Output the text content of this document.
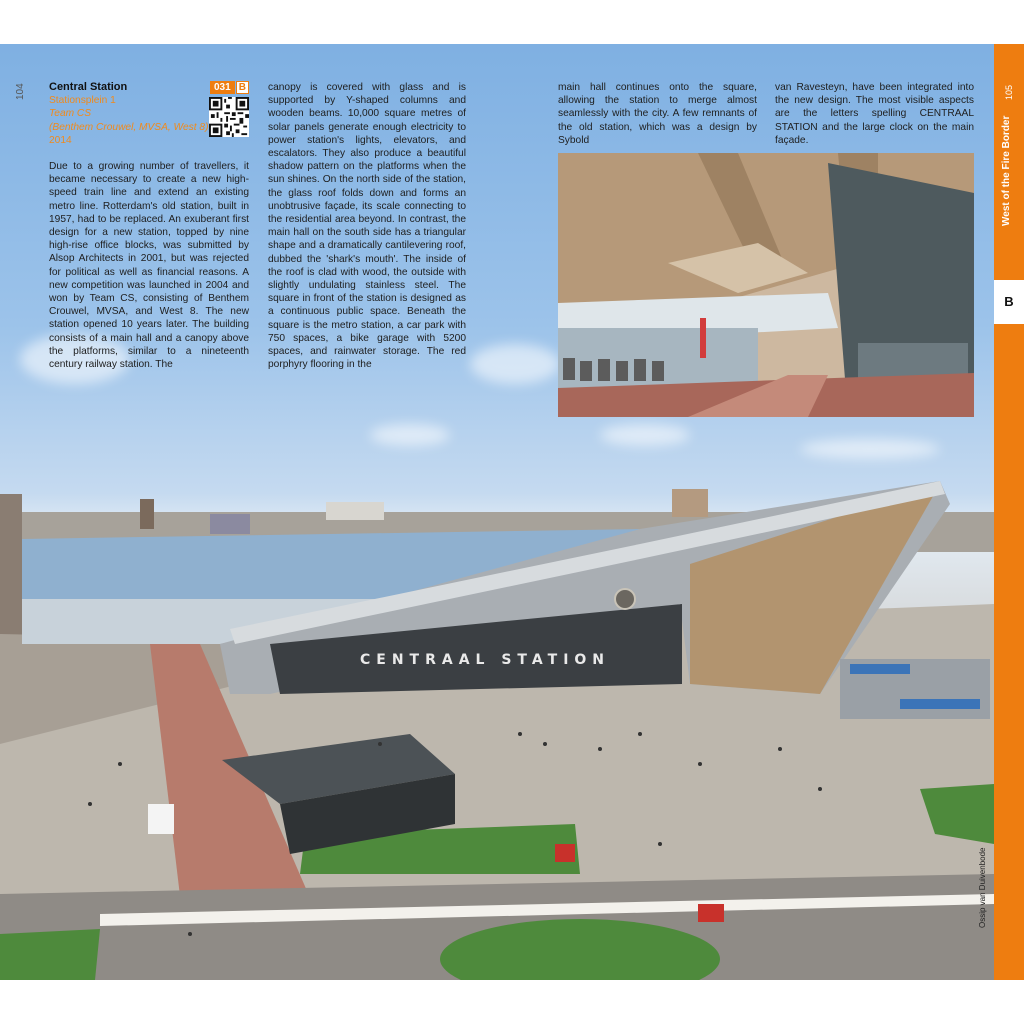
CENTRAAL STATION
104 Central Station
Stationsplein 1
Team CS
(Benthem Crouwel, MVSA, West 8)
2014

Due to a growing number of travellers, it became necessary to create a new high-speed train line and extend an existing metro line. Rotterdam's old station, built in 1957, had to be replaced. An exuberant first design for a new station, topped by nine high-rise office blocks, was submitted by Alsop Architects in 2001, but was rejected for political as well as financial reasons. A new competition was launched in 2004 and won by Team CS, consisting of Benthem Crouwel, MVSA, and West 8. The new station opened 10 years later. The building consists of a main hall and a canopy above the platforms, similar to a nineteenth century railway station. The

031 B canopy is covered with glass and is supported by Y-shaped columns and wooden beams. 10,000 square metres of solar panels generate enough electricity to power station's lights, elevators, and escalators. They also produce a beautiful shadow pattern on the platforms when the sun shines. On the north side of the station, the glass roof folds down and forms an unobtrusive façade, its scale connecting to the residential area beyond. In contrast, the main hall on the south side has a triangular shape and a dramatically cantilevering roof, dubbed the 'shark's mouth'. The inside of the roof is clad with wood, the outside with slightly undulating stainless steel. The square in front of the station is designed as a continuous public space. Beneath the square is the metro station, a car park with 750 spaces, a bike garage with 5200 spaces, and rainwater storage. The red porphyry flooring in the

main hall continues onto the square, allowing the station to merge almost seamlessly with the city. A few remnants of the old station, which was a design by Sybold

van Ravesteyn, have been integrated into the new design. The most visible aspects are the letters spelling CENTRAAL STATION and the large clock on the main façade.

Ossip van Duivenbode
105
West of the Fire Border
B
